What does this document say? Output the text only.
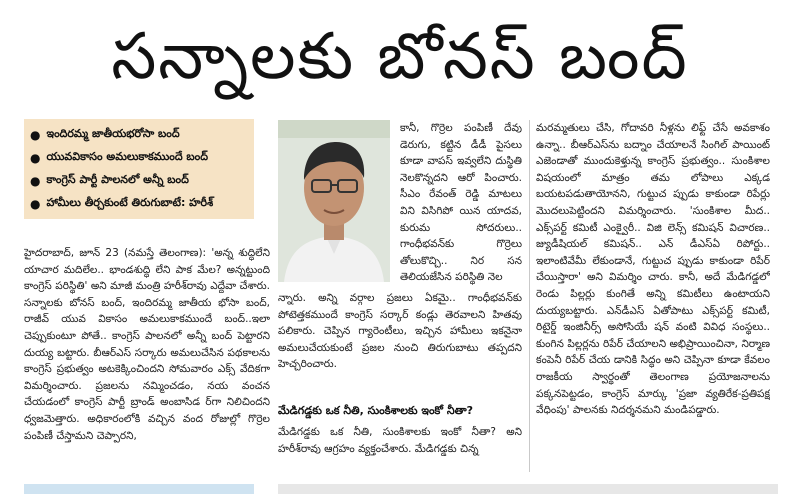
సన్నాలకు బోనస్ బంద్
● ఇందిరమ్మ జాతీయభరోసా బంద్
● యువవికాసం అమలుకాకముందే బంద్
● కాంగ్రెస్ పార్టీ పాలనలో అన్నీ బంద్
● హామీలు తీర్చకుంటే తిరుగుబాటే: హరీశ్

హైదరాబాద్, జూన్ 23 (నమస్తే తెలంగాణ): 'అన్న శుద్ధిలేని యాచార మదిలేల.. భాండశుద్ధి లేని పాక మేల? అన్నట్టుంది కాంగ్రెస్ పరిస్థితి' అని మాజీ మంత్రి హరీశ్‌రావు ఎద్దేవా చేశారు. సన్నాలకు బోనస్ బంద్, ఇందిరమ్మ జాతీయ భోసా బంద్, రాజీవ్ యువ వికాసం అమలుకాకముందే బంద్..ఇలా చెప్పుకుంటూ పోతే.. కాంగ్రెస్ పాలనలో అన్నీ బంద్ పెట్టారని దుయ్య బట్టారు. బీఆర్ఎస్ సర్కారు అమలుచేసిన పథకాలను కాంగ్రెస్ ప్రభుత్వం అటకెక్కించిందని సోమవారం ఎక్స్ వేదికగా విమర్శించారు. ప్రజలను నమ్మించడం, నయ వంచన చేయడంలో కాంగ్రెస్ పార్టీ బ్రాండ్ అంబాసిడ ర్‌గా నిలిచిందని ధ్వజమెత్తారు. అధికారంలోకి వచ్చిన వంద రోజుల్లో గొర్రెల పంపిణీ చేస్తామని చెప్పారని,

కానీ, గొర్రెల పంపిణీ దేవు డెరుగు, కట్టిన డీడీ పైసలు కూడా వాపస్ ఇవ్వలేని దుస్థితి నెలకొన్నదని ఆరో పించారు. సీఎం రేవంత్ రెడ్డి మాటలు విని విసిగిపో యిన యాదవ, కురుమ సోదరులు.. గాంధీభవన్‌కు గొర్రెలు తోలుకొచ్చి.. నిర సన తెలియజేసిన పరిస్థితి నెల

న్నారు. అన్ని వర్గాల ప్రజలు ఏకమై.. గాంధీభవన్‌కు పోటెత్తకముందే కాంగ్రెస్ సర్కార్ కండ్లు తెరవాలని హితవు పలికారు. చెప్పిన గ్యారెంటీలు, ఇచ్చిన హామీలు ఇకనైనా అమలుచేయకుంటే ప్రజల నుంచి తిరుగుబాటు తప్పదని హెచ్చరించారు.

మేడిగడ్డకు ఒక నీతి, సుంకిశాలకు ఇంకో నీతా?

మేడిగడ్డకు ఒక నీతి, సుంకిశాలకు ఇంకో నీతా? అని హరీశ్‌రావు ఆగ్రహం వ్యక్తంచేశారు. మేడిగడ్డకు చిన్న

మరమ్మతులు చేసి, గోదావరి నీళ్లను లిఫ్ట్ చేసే అవకాశం ఉన్నా.. బీఆర్ఎస్‌ను బద్నాం చేయాలనే సింగిల్ పాయింట్ ఎజెండాతో ముందుకెళ్తున్న కాంగ్రెస్ ప్రభుత్వం.. సుంకిశాల విషయంలో మాత్రం తమ లోపాలు ఎక్కడ బయటపడుతాయోనని, గుట్టుచ ప్పుడు కాకుండా రిపేర్లు మొదలుపెట్టిందని విమర్శించారు. 'సుంకిశాల మీద.. ఎక్స్‌పర్ట్ కమిటీ ఎంక్వైరీ.. విజి లెన్స్ కమిషన్ విచారణ.. జ్యుడీషియల్ కమిషన్.. ఎన్ డీఎస్ఏ రిపోర్టు.. ఇలాంటివేమీ లేకుండానే, గుట్టుచ ప్పుడు కాకుండా రిపేర్ చేయిస్తారా' అని విమర్శిం చారు. కానీ, అదే మేడిగడ్డలో రెండు పిల్లర్లు కుంగితే అన్ని కమిటీలు ఉంటాయని దుయ్యబట్టారు. ఎన్‌డీఎస్ ఏతోపాటు ఎక్స్‌పర్ట్ కమిటీ, రిటైర్డ్ ఇంజినీర్స్ అసోసియే షన్ వంటి వివిధ సంస్థలు.. కుంగిన పిల్లర్లను రిపేర్ చేయాలని అభిప్రాయించినా, నిర్మాణ కంపెనీ రిపేర్ చేయ డానికి సిద్ధం అని చెప్పినా కూడా కేవలం రాజకీయ స్వార్థంతో తెలంగాణ ప్రయోజనాలను పక్కనపెట్టడం, కాంగ్రెస్ మార్కు 'ప్రజా వ్యతిరేక-ప్రతిపక్ష వేధింపు' పాలనకు నిదర్శనమని మండిపడ్డారు.
